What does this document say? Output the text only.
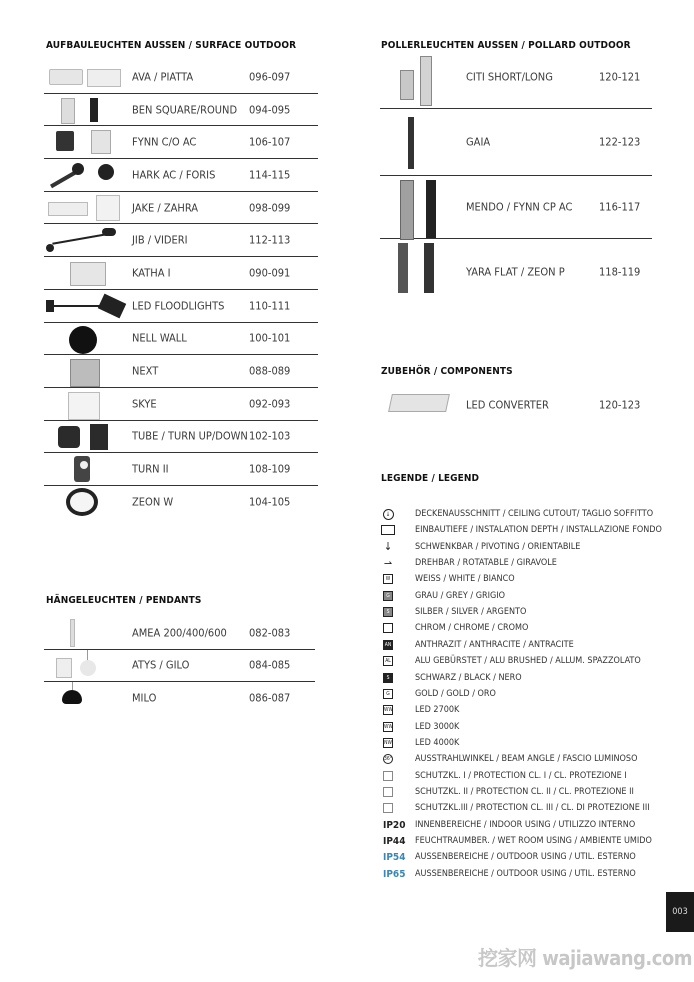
AUFBAULEUCHTEN AUSSEN / SURFACE OUTDOOR
AVA / PIATTA	096-097
BEN SQUARE/ROUND 094-095
FYNN C/O AC	106-107
HARK AC / FORIS	114-115
JAKE / ZAHRA	098-099
JIB / VIDERI	112-113
KATHA I	090-091
LED FLOODLIGHTS 110-111
NELL WALL	100-101
NEXT	088-089
SKYE	092-093
TUBE / TURN UP/DOWN 102-103
TURN II	108-109
ZEON W	104-105
HÄNGELEUCHTEN / PENDANTS
AMEA 200/400/600 082-083
ATYS / GILO	084-085
MILO	086-087
POLLERLEUCHTEN AUSSEN / POLLARD OUTDOOR
CITI SHORT/LONG	120-121
GAIA	122-123
MENDO / FYNN CP AC 116-117
YARA FLAT / ZEON P	118-119
ZUBEHÖR / COMPONENTS
LED CONVERTER	120-123
LEGENDE / LEGEND
↓	DECKENAUSSCHNITT / CEILING CUTOUT/ TAGLIO SOFFITTO
EINBAUTIEFE / INSTALATION DEPTH / INSTALLAZIONE FONDO
↓	SCHWENKBAR / PIVOTING / ORIENTABILE
⇀	DREHBAR / ROTATABLE / GIRAVOLE
W	WEISS / WHITE / BIANCO
G	GRAU / GREY / GRIGIO
S	SILBER / SILVER / ARGENTO
CHROM / CHROME / CROMO
AN	ANTHRAZIT / ANTHRACITE / ANTRACITE
AL	ALU GEBÜRSTET / ALU BRUSHED / ALLUM. SPAZZOLATO
S	SCHWARZ / BLACK / NERO
G	GOLD / GOLD / ORO
WW LED 2700K
WW LED 3000K
NW	LED 4000K
36°	AUSSTRAHLWINKEL / BEAM ANGLE / FASCIO LUMINOSO
SCHUTZKL. I / PROTECTION CL. I / CL. PROTEZIONE I
SCHUTZKL. II / PROTECTION CL. II / CL. PROTEZIONE II
SCHUTZKL.III / PROTECTION CL. III / CL. DI PROTEZIONE III
IP20 INNENBEREICHE / INDOOR USING / UTILIZZO INTERNO
IP44 FEUCHTRAUMBER. / WET ROOM USING / AMBIENTE UMIDO
IP54 AUSSENBEREICHE / OUTDOOR USING / UTIL. ESTERNO
IP65 AUSSENBEREICHE / OUTDOOR USING / UTIL. ESTERNO
003
挖家网 wajiawang.com
